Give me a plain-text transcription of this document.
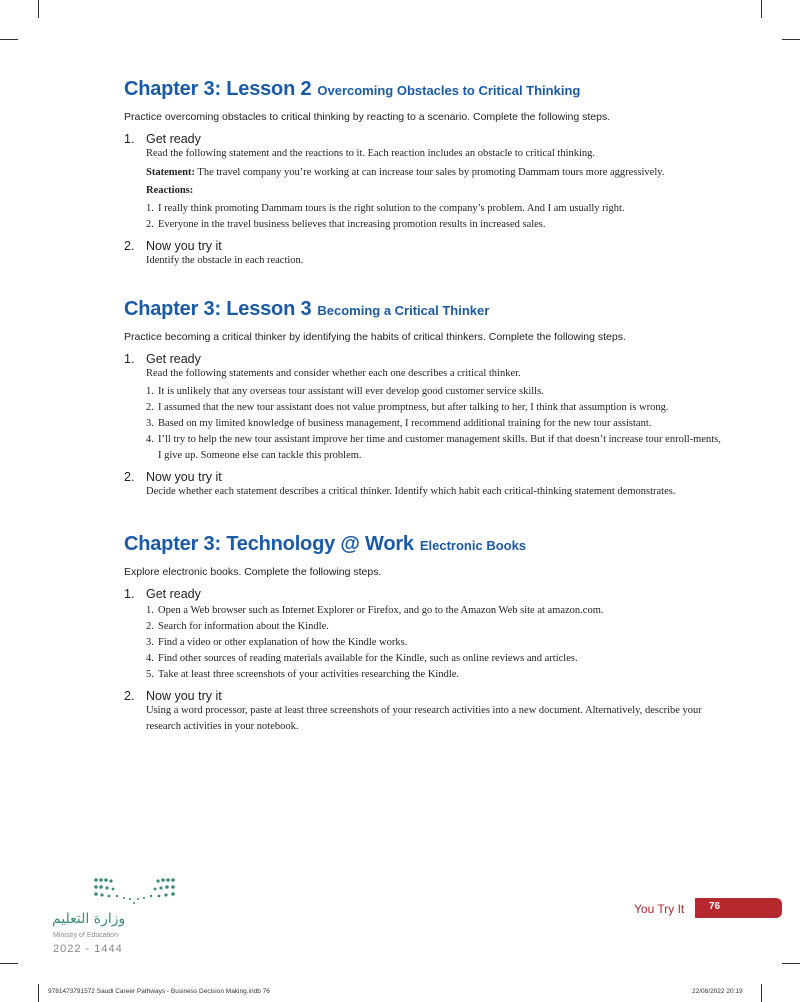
Chapter 3: Lesson 2 Overcoming Obstacles to Critical Thinking
Practice overcoming obstacles to critical thinking by reacting to a scenario. Complete the following steps.
1. Get ready

Read the following statement and the reactions to it. Each reaction includes an obstacle to critical thinking.

Statement: The travel company you’re working at can increase tour sales by promoting Dammam tours more aggressively.

Reactions:

1. I really think promoting Dammam tours is the right solution to the company’s problem. And I am usually right.
2. Everyone in the travel business believes that increasing promotion results in increased sales.
2. Now you try it

Identify the obstacle in each reaction.

Chapter 3: Lesson 3 Becoming a Critical Thinker
Practice becoming a critical thinker by identifying the habits of critical thinkers. Complete the following steps.
1. Get ready

Read the following statements and consider whether each one describes a critical thinker.

1. It is unlikely that any overseas tour assistant will ever develop good customer service skills.
2. I assumed that the new tour assistant does not value promptness, but after talking to her, I think that assumption is wrong.
3. Based on my limited knowledge of business management, I recommend additional training for the new tour assistant.
4. I’ll try to help the new tour assistant improve her time and customer management skills. But if that doesn’t increase tour enroll-ments, I give up. Someone else can tackle this problem.
2. Now you try it

Decide whether each statement describes a critical thinker. Identify which habit each critical-thinking statement demonstrates.

Chapter 3: Technology @ Work Electronic Books
Explore electronic books. Complete the following steps.
1. Get ready
1. Open a Web browser such as Internet Explorer or Firefox, and go to the Amazon Web site at amazon.com.
2. Search for information about the Kindle.
3. Find a video or other explanation of how the Kindle works.
4. Find other sources of reading materials available for the Kindle, such as online reviews and articles.
5. Take at least three screenshots of your activities researching the Kindle.
2. Now you try it

Using a word processor, paste at least three screenshots of your research activities into a new document. Alternatively, describe your research activities in your notebook.

وزارة التعليم
Ministry of Education
2022 - 1444
You Try It 76
9781473791572 Saudi Career Pathways - Business Decision Making.indb 76	22/08/2022 20:19
